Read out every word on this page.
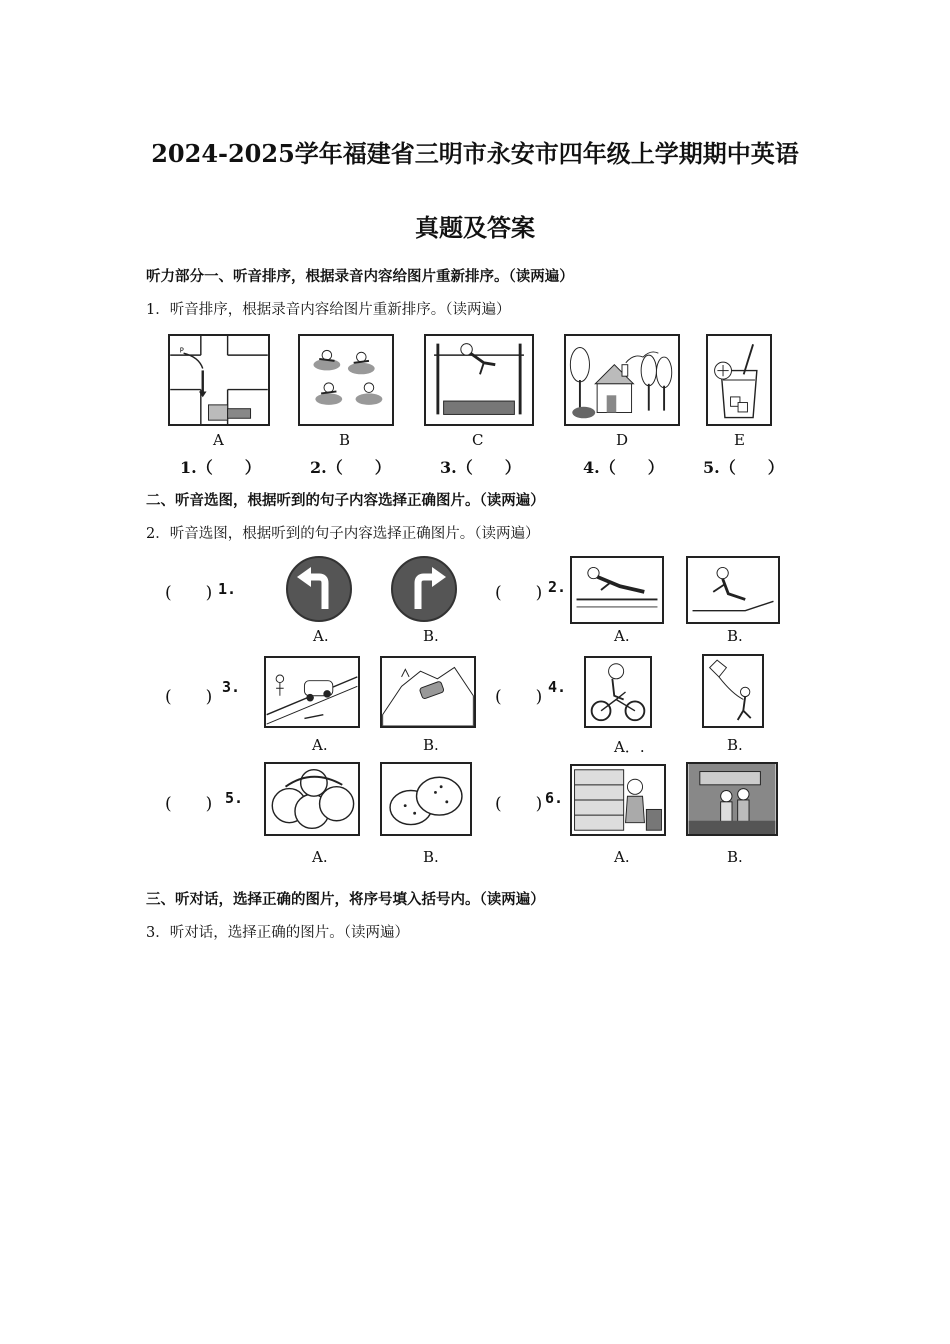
2024-2025学年福建省三明市永安市四年级上学期期中英语
真题及答案
听力部分一、听音排序，根据录音内容给图片重新排序。（读两遍）
1．听音排序，根据录音内容给图片重新排序。（读两遍）
P
A	B	C	D	E
1.（　　）	2.（　　）	3.（　　）	4.（　　） 5.（　　）
二、听音选图，根据听到的句子内容选择正确图片。（读两遍）
2．听音选图，根据听到的句子内容选择正确图片。（读两遍）
(　　) 1.
A.	B.
(　　) 2.
A.	B.
(　　) 3.
A.	B.
(　　) 4.
A．.	B.
(　　) 5.
A.	B.
(　　) 6.
A.	B.
三、听对话，选择正确的图片，将序号填入括号内。（读两遍）
3．听对话，选择正确的图片。（读两遍）
